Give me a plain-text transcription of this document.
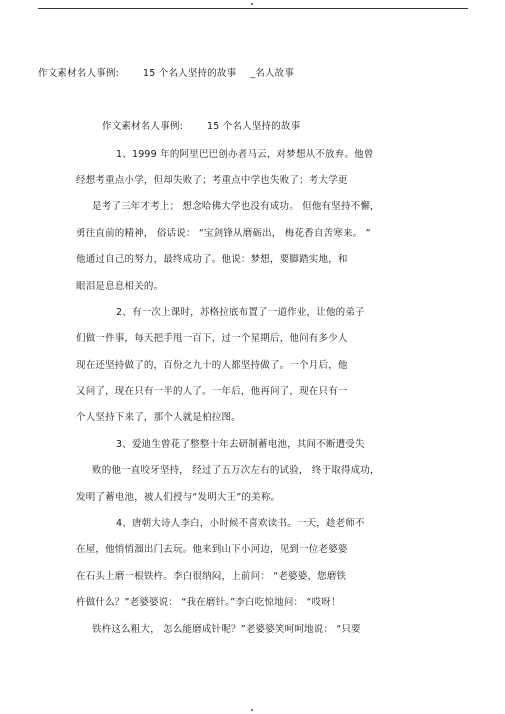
作文素材名人事例:	15 个名人坚持的故事 _名人故事
作文素材名人事例:	15 个名人坚持的故事
1、1999 年的阿里巴巴创办者马云，对梦想从不放弃。他曾
经想考重点小学，但却失败了；考重点中学也失败了；考大学更
是考了三年才考上； 想念哈佛大学也没有成功。 但他有坚持不懈，
勇往直前的精神， 俗话说： “宝剑锋从磨砺出， 梅花香自苦寒来。 ”
他通过自己的努力，最终成功了。他说：梦想，要脚踏实地，和
眼泪是息息相关的。
2、有一次上课时，苏格拉底布置了一道作业，让他的弟子
们做一件事，每天把手甩一百下，过一个星期后，他问有多少人
现在还坚持做了的，百份之九十的人都坚持做了。一个月后，他
又问了，现在只有一半的人了。一年后，他再问了，现在只有一
个人坚持下来了，那个人就是柏拉图。
3、爱迪生曾花了整整十年去研制蓄电池，其间不断遭受失
败的他一直咬牙坚持， 经过了五万次左右的试验， 终于取得成功，
发明了蓄电池，被人们授与“发明大王”的美称。
4、唐朝大诗人李白，小时候不喜欢读书。一天，趁老师不
在屋，他悄悄溜出门去玩。他来到山下小河边，见到一位老婆婆
在石头上磨一根铁杵。李白很纳闷，上前问： “老婆婆，您磨铁
杵做什么？”老婆婆说： “我在磨针。”李白吃惊地问： “哎呀！
铁杵这么粗大， 怎么能磨成针呢？”老婆婆笑呵呵地说： “只要
